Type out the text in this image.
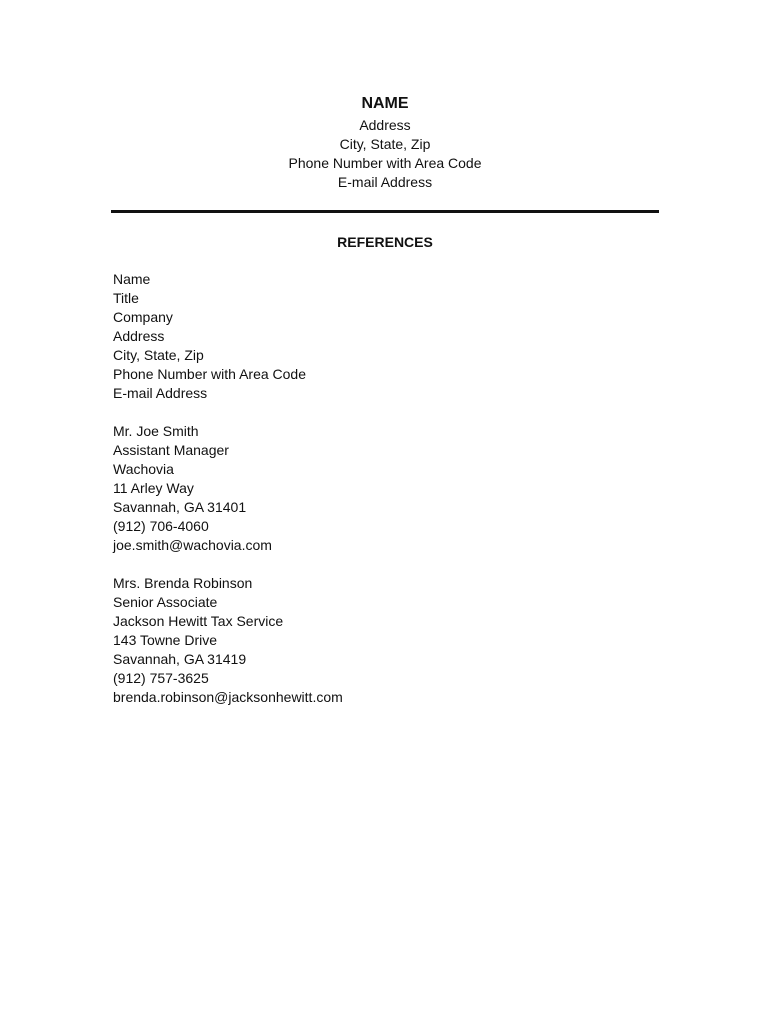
NAME
Address
City, State, Zip
Phone Number with Area Code
E-mail Address
REFERENCES
Name
Title
Company
Address
City, State, Zip
Phone Number with Area Code
E-mail Address
Mr. Joe Smith
Assistant Manager
Wachovia
11 Arley Way
Savannah, GA 31401
(912) 706-4060
joe.smith@wachovia.com
Mrs. Brenda Robinson
Senior Associate
Jackson Hewitt Tax Service
143 Towne Drive
Savannah, GA 31419
(912) 757-3625
brenda.robinson@jacksonhewitt.com
